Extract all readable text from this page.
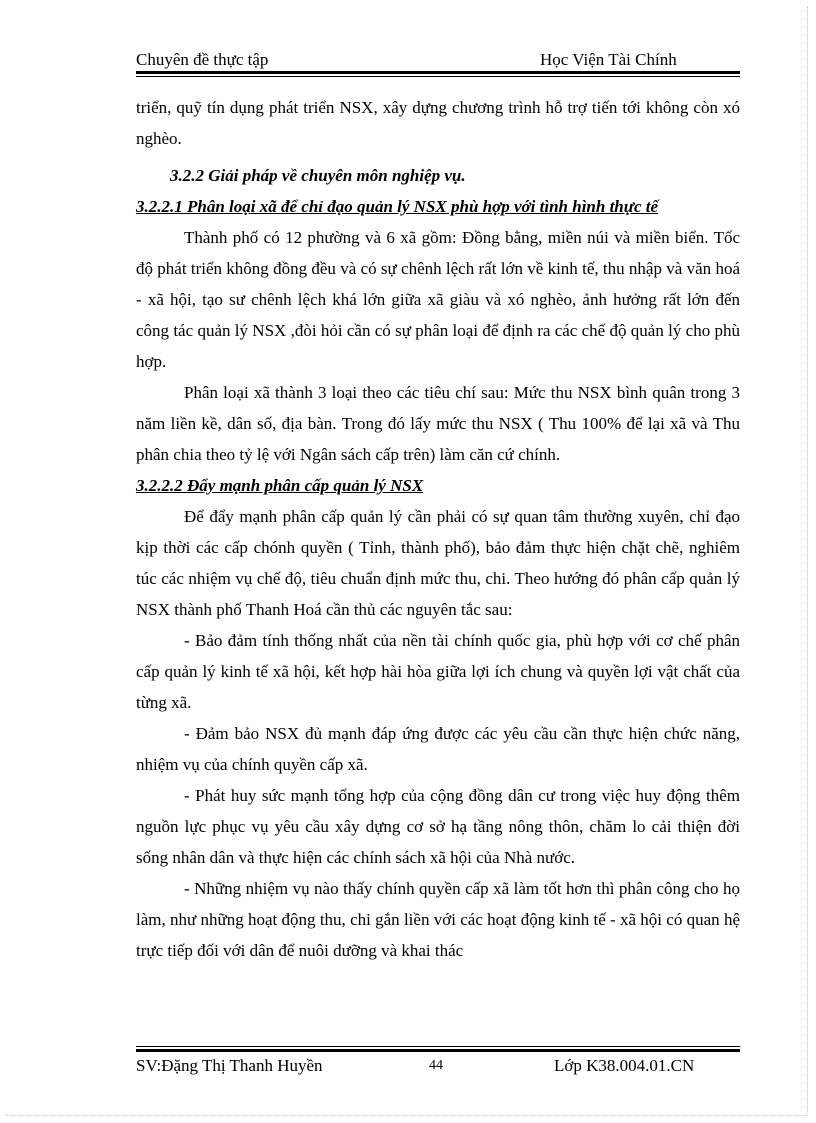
Chuyên đề thực tập	Học Viện Tài Chính

triển, quỹ tín dụng phát triển NSX, xây dựng chương trình hỗ trợ tiến tới không còn xó nghèo.

3.2.2 Giải pháp về chuyên môn nghiệp vụ.

3.2.2.1 Phân loại xã để chỉ đạo quản lý NSX phù hợp với tình hình thực tế

Thành phố có 12 phường và 6 xã gồm: Đồng bằng, miền núi và miền biển. Tốc độ phát triển không đồng đều và có sự chênh lệch rất lớn về kinh tế, thu nhập và văn hoá - xã hội, tạo sư chênh lệch khá lớn giữa xã giàu và xó nghèo, ảnh hưởng rất lớn đến công tác quản lý NSX ,đòi hỏi cần có sự phân loại để định ra các chế độ quản lý cho phù hợp.

Phân loại xã thành 3 loại theo các tiêu chí sau: Mức thu NSX bình quân trong 3 năm liền kề, dân số, địa bàn. Trong đó lấy mức thu NSX ( Thu 100% để lại xã và Thu phân chia theo tỷ lệ với Ngân sách cấp trên) làm căn cứ chính.

3.2.2.2 Đẩy mạnh phân cấp quản lý NSX

Để đẩy mạnh phân cấp quản lý cần phải có sự quan tâm thường xuyên, chỉ đạo kịp thời các cấp chónh quyền ( Tỉnh, thành phố), bảo đảm thực hiện chặt chẽ, nghiêm túc các nhiệm vụ chế độ, tiêu chuẩn định mức thu, chi. Theo hướng đó phân cấp quản lý NSX thành phố Thanh Hoá cần thủ các nguyên tắc sau:

- Bảo đảm tính thống nhất của nền tài chính quốc gia, phù hợp với cơ chế phân cấp quản lý kinh tế xã hội, kết hợp hài hòa giữa lợi ích chung và quyền lợi vật chất của từng xã.

- Đảm bảo NSX đủ mạnh đáp ứng được các yêu cầu cần thực hiện chức năng, nhiệm vụ của chính quyền cấp xã.

- Phát huy sức mạnh tổng hợp của cộng đồng dân cư trong việc huy động thêm nguồn lực phục vụ yêu cầu xây dựng cơ sở hạ tầng nông thôn, chăm lo cải thiện đời sống nhân dân và thực hiện các chính sách xã hội của Nhà nước.

- Những nhiệm vụ nào thấy chính quyền cấp xã làm tốt hơn thì phân công cho họ làm, như những hoạt động thu, chi gắn liền với các hoạt động kinh tế - xã hội có quan hệ trực tiếp đối với dân để nuôi dưỡng và khai thác

SV:Đặng Thị Thanh Huyền	44	Lớp K38.004.01.CN
